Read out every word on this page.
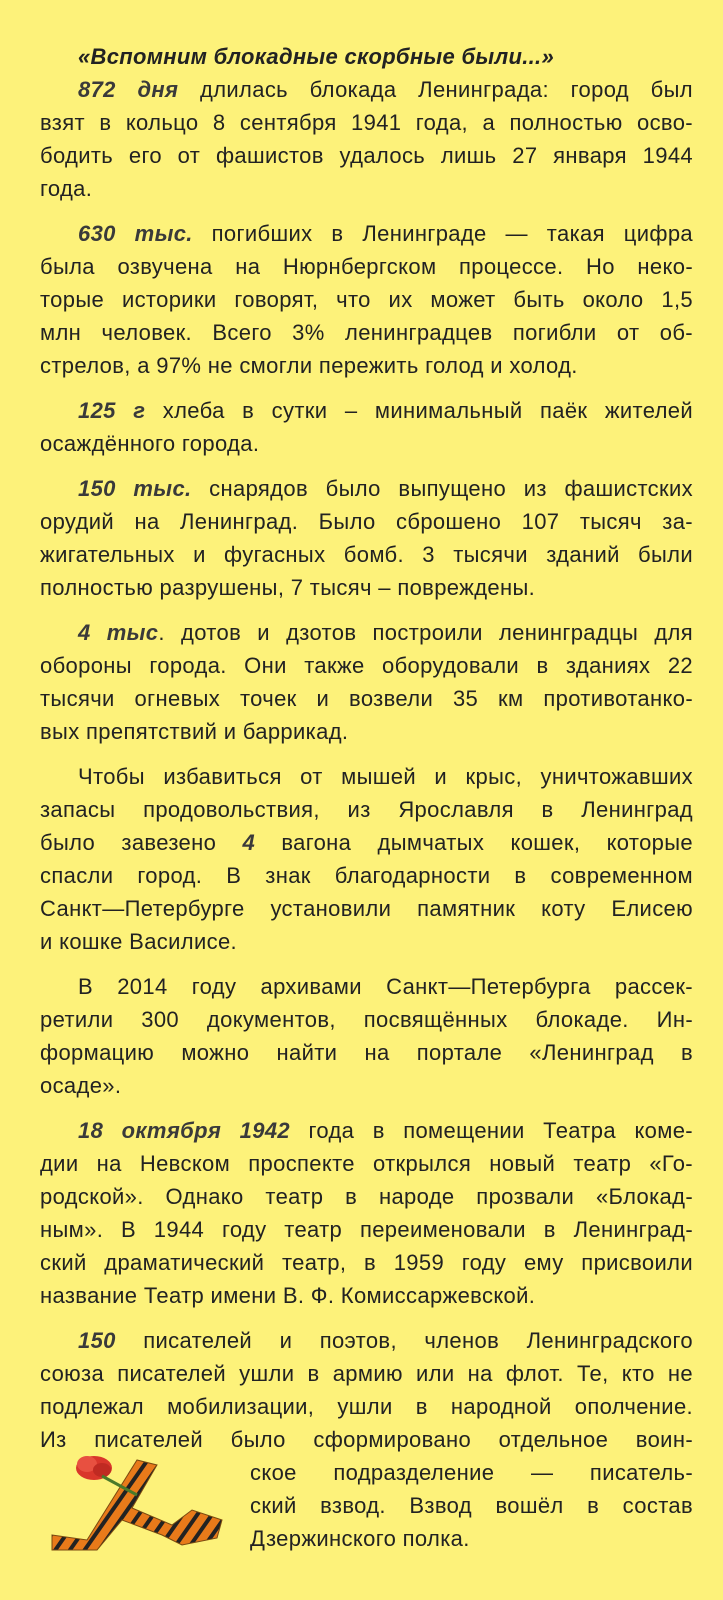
«Вспомним блокадные скорбные были...»
872 дня длилась блокада Ленинграда: город был
взят в кольцо 8 сентября 1941 года, а полностью осво-
бодить его от фашистов удалось лишь 27 января 1944
года.
630 тыс. погибших в Ленинграде — такая цифра
была озвучена на Нюрнбергском процессе. Но неко-
торые историки говорят, что их может быть около 1,5
млн человек. Всего 3% ленинградцев погибли от об-
стрелов, а 97% не смогли пережить голод и холод.
125 г хлеба в сутки – минимальный паёк жителей
осаждённого города.
150 тыс. снарядов было выпущено из фашистских
орудий на Ленинград. Было сброшено 107 тысяч за-
жигательных и фугасных бомб. 3 тысячи зданий были
полностью разрушены, 7 тысяч – повреждены.
4 тыс. дотов и дзотов построили ленинградцы для
обороны города. Они также оборудовали в зданиях 22
тысячи огневых точек и возвели 35 км противотанко-
вых препятствий и баррикад.
Чтобы избавиться от мышей и крыс, уничтожавших
запасы продовольствия, из Ярославля в Ленинград
было завезено 4 вагона дымчатых кошек, которые
спасли город. В знак благодарности в современном
Санкт—Петербурге установили памятник коту Елисею
и кошке Василисе.
В 2014 году архивами Санкт—Петербурга рассек-
ретили 300 документов, посвящённых блокаде. Ин-
формацию можно найти на портале «Ленинград в
осаде».
18 октября 1942 года в помещении Театра коме-
дии на Невском проспекте открылся новый театр «Го-
родской». Однако театр в народе прозвали «Блокад-
ным». В 1944 году театр переименовали в Ленинград-
ский драматический театр, в 1959 году ему присвоили
название Театр имени В. Ф. Комиссаржевской.
150 писателей и поэтов, членов Ленинградского
союза писателей ушли в армию или на флот. Те, кто не
подлежал мобилизации, ушли в народной ополчение.
Из писателей было сформировано отдельное воин-
ское подразделение — писатель-
ский взвод. Взвод вошёл в состав
Дзержинского полка.
